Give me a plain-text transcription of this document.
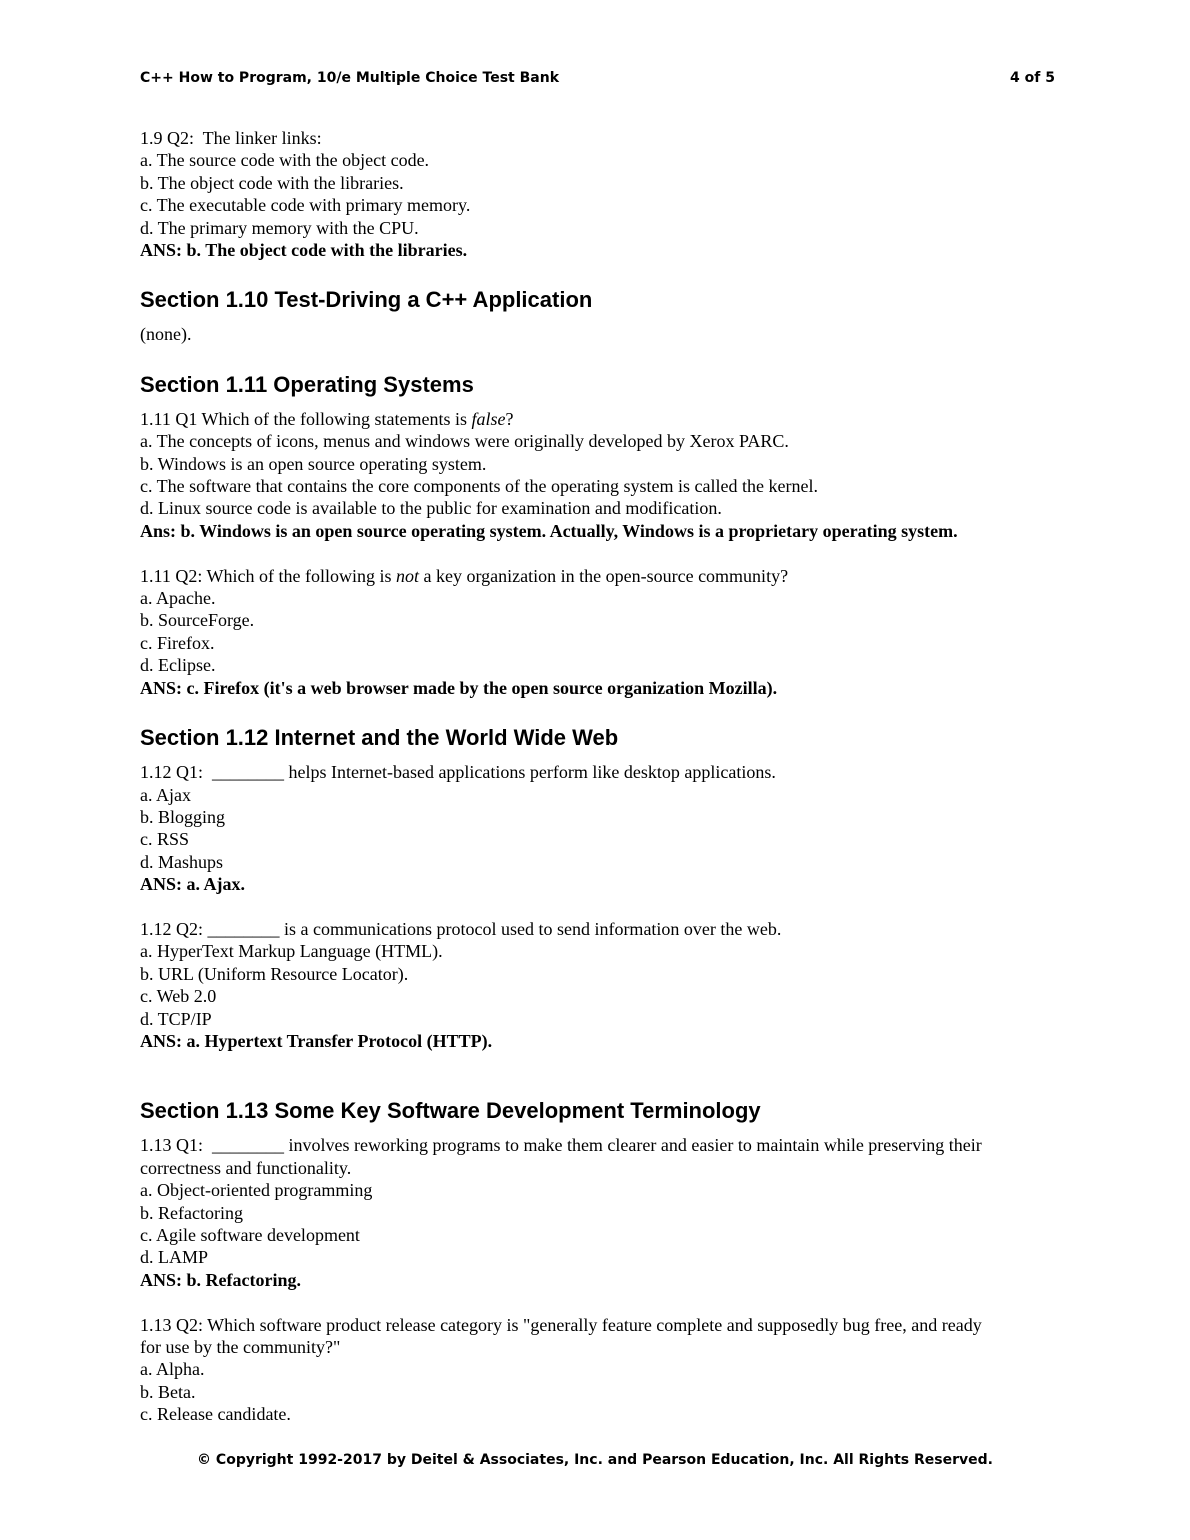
C++ How to Program, 10/e Multiple Choice Test Bank	4 of 5
1.9 Q2:  The linker links:
a. The source code with the object code.
b. The object code with the libraries.
c. The executable code with primary memory.
d. The primary memory with the CPU.
ANS: b. The object code with the libraries.
Section 1.10 Test-Driving a C++ Application
(none).
Section 1.11 Operating Systems
1.11 Q1 Which of the following statements is false?
a. The concepts of icons, menus and windows were originally developed by Xerox PARC.
b. Windows is an open source operating system.
c. The software that contains the core components of the operating system is called the kernel.
d. Linux source code is available to the public for examination and modification.
Ans: b. Windows is an open source operating system. Actually, Windows is a proprietary operating system.
1.11 Q2: Which of the following is not a key organization in the open-source community?
a. Apache.
b. SourceForge.
c. Firefox.
d. Eclipse.
ANS: c. Firefox (it's a web browser made by the open source organization Mozilla).
Section 1.12 Internet and the World Wide Web
1.12 Q1:  ________ helps Internet-based applications perform like desktop applications.
a. Ajax
b. Blogging
c. RSS
d. Mashups
ANS: a. Ajax.
1.12 Q2: ________ is a communications protocol used to send information over the web.
a. HyperText Markup Language (HTML).
b. URL (Uniform Resource Locator).
c. Web 2.0
d. TCP/IP
ANS: a. Hypertext Transfer Protocol (HTTP).
Section 1.13 Some Key Software Development Terminology
1.13 Q1:  ________ involves reworking programs to make them clearer and easier to maintain while preserving their
correctness and functionality.
a. Object-oriented programming
b. Refactoring
c. Agile software development
d. LAMP
ANS: b. Refactoring.
1.13 Q2: Which software product release category is "generally feature complete and supposedly bug free, and ready
for use by the community?"
a. Alpha.
b. Beta.
c. Release candidate.
© Copyright 1992-2017 by Deitel & Associates, Inc. and Pearson Education, Inc. All Rights Reserved.
